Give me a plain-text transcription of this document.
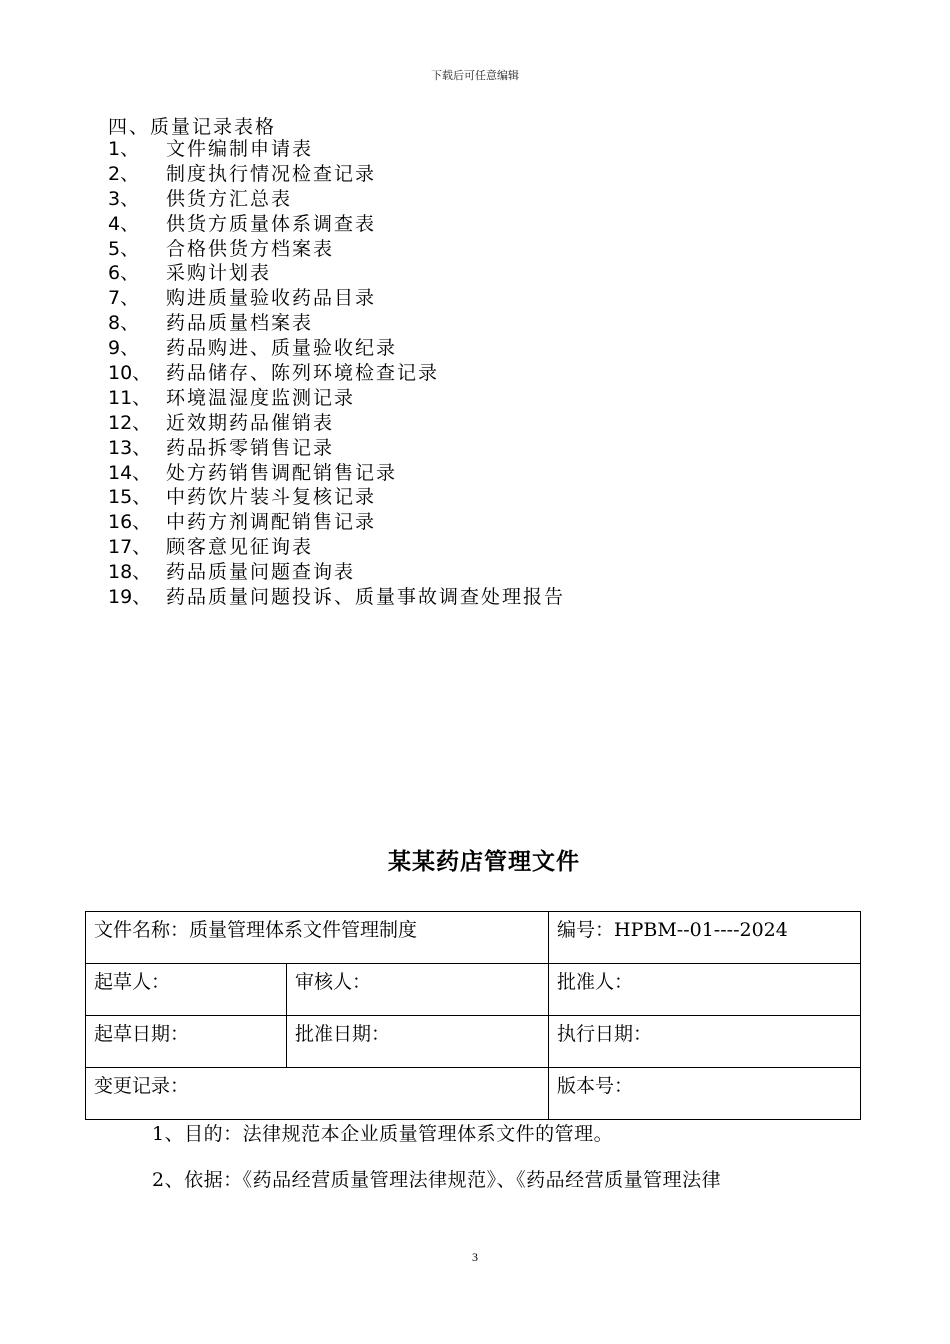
下载后可任意编辑
四、质量记录表格
1、 文件编制申请表
2、 制度执行情况检查记录
3、 供货方汇总表
4、 供货方质量体系调查表
5、 合格供货方档案表
6、 采购计划表
7、 购进质量验收药品目录
8、 药品质量档案表
9、 药品购进、质量验收纪录
10、 药品储存、陈列环境检查记录
11、 环境温湿度监测记录
12、 近效期药品催销表
13、 药品拆零销售记录
14、 处方药销售调配销售记录
15、 中药饮片装斗复核记录
16、 中药方剂调配销售记录
17、 顾客意见征询表
18、 药品质量问题查询表
19、 药品质量问题投诉、质量事故调查处理报告
某某药店管理文件
文件名称：质量管理体系文件管理制度		编号：HPBM--01----2024
起草人：	审核人：	批准人：
起草日期：	批准日期：	执行日期：
变更记录：		版本号：
1、目的：法律规范本企业质量管理体系文件的管理。
2、依据：《药品经营质量管理法律规范》、《药品经营质量管理法律
3
